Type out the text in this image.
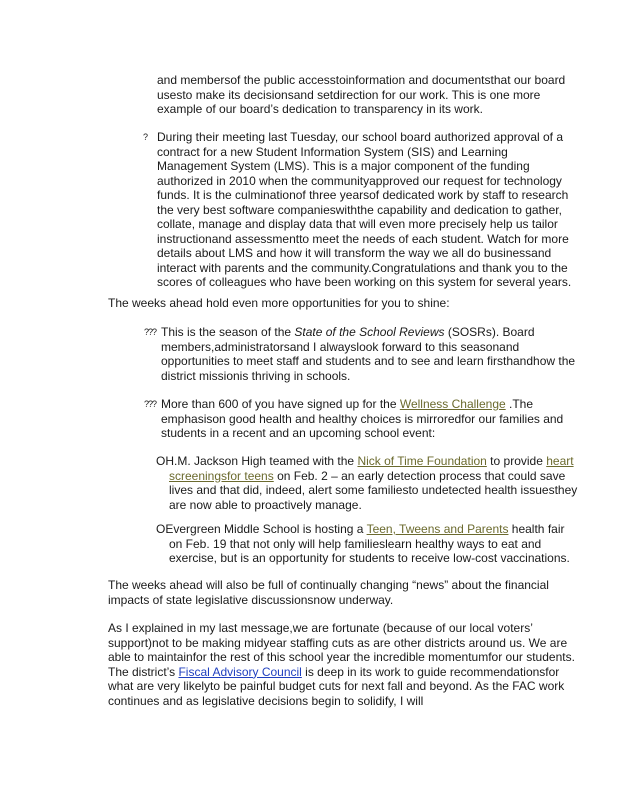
and membersof the public accesstoinformation and documentsthat our board usesto make its decisionsand setdirection for our work. This is one more example of our board’s dedication to transparency in its work.

? During their meeting last Tuesday, our school board authorized approval of a contract for a new Student Information System (SIS) and Learning Management System (LMS). This is a major component of the funding authorized in 2010 when the communityapproved our request for technology funds. It is the culminationof three yearsof dedicated work by staff to research the very best software companieswiththe capability and dedication to gather, collate, manage and display data that will even more precisely help us tailor instructionand assessmentto meet the needs of each student. Watch for more details about LMS and how it will transform the way we all do businessand interact with parents and the community.Congratulations and thank you to the scores of colleagues who have been working on this system for several years.

The weeks ahead hold even more opportunities for you to shine:

??? This is the season of the State of the School Reviews (SOSRs). Board members,administratorsand I alwayslook forward to this seasonand opportunities to meet staff and students and to see and learn firsthandhow the district missionis thriving in schools.

??? More than 600 of you have signed up for the Wellness Challenge .The emphasison good health and healthy choices is mirroredfor our families and students in a recent and an upcoming school event:

OH.M. Jackson High teamed with the Nick of Time Foundation to provide heart screeningsfor teens on Feb. 2 – an early detection process that could save lives and that did, indeed, alert some familiesto undetected health issuesthey are now able to proactively manage.

OEvergreen Middle School is hosting a Teen, Tweens and Parents health fair on Feb. 19 that not only will help familieslearn healthy ways to eat and exercise, but is an opportunity for students to receive low-cost vaccinations.

The weeks ahead will also be full of continually changing “news” about the financial impacts of state legislative discussionsnow underway.

As I explained in my last message,we are fortunate (because of our local voters’ support)not to be making midyear staffing cuts as are other districts around us. We are able to maintainfor the rest of this school year the incredible momentumfor our students. The district’s Fiscal Advisory Council is deep in its work to guide recommendationsfor what are very likelyto be painful budget cuts for next fall and beyond. As the FAC work continues and as legislative decisions begin to solidify, I will
